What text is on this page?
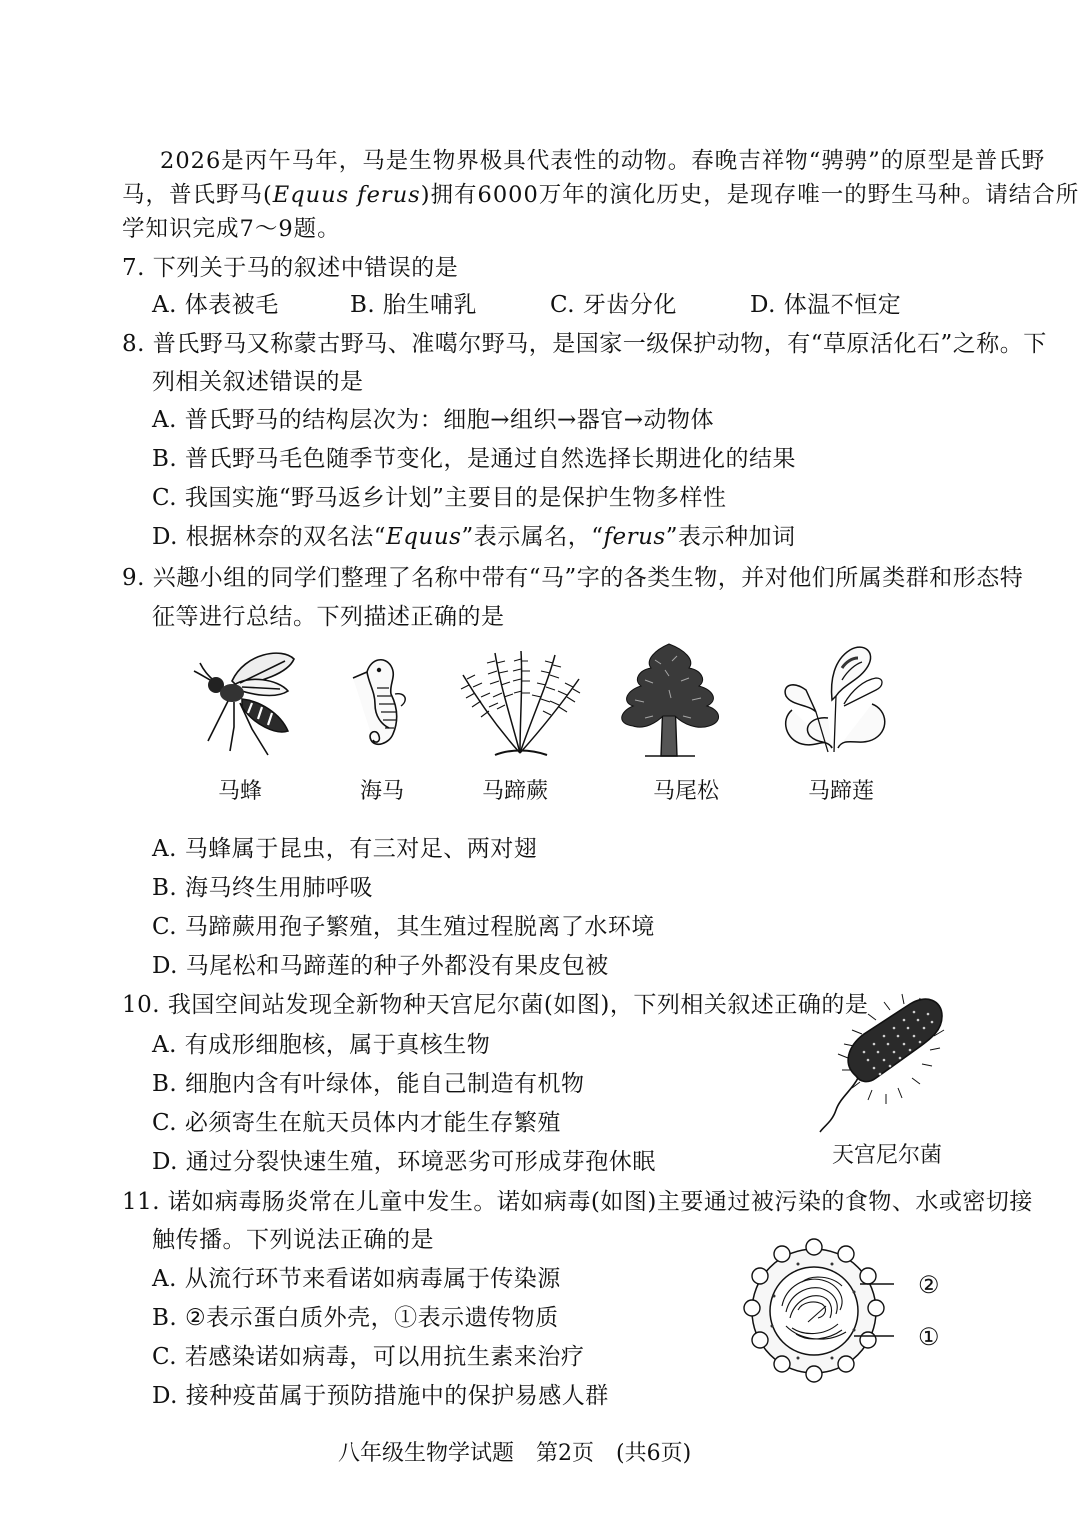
2026是丙午马年，马是生物界极具代表性的动物。春晚吉祥物“骋骋”的原型是普氏野
马，普氏野马(Equus ferus)拥有6000万年的演化历史，是现存唯一的野生马种。请结合所
学知识完成7～9题。
7. 下列关于马的叙述中错误的是
A. 体表被毛	B. 胎生哺乳	C. 牙齿分化	D. 体温不恒定
8. 普氏野马又称蒙古野马、准噶尔野马，是国家一级保护动物，有“草原活化石”之称。下
列相关叙述错误的是
A. 普氏野马的结构层次为：细胞→组织→器官→动物体
B. 普氏野马毛色随季节变化，是通过自然选择长期进化的结果
C. 我国实施“野马返乡计划”主要目的是保护生物多样性
D. 根据林奈的双名法“Equus”表示属名，“ferus”表示种加词
9. 兴趣小组的同学们整理了名称中带有“马”字的各类生物，并对他们所属类群和形态特
征等进行总结。下列描述正确的是
马蜂	海马	马蹄蕨	马尾松	马蹄莲
A. 马蜂属于昆虫，有三对足、两对翅
B. 海马终生用肺呼吸
C. 马蹄蕨用孢子繁殖，其生殖过程脱离了水环境
D. 马尾松和马蹄莲的种子外都没有果皮包被
10. 我国空间站发现全新物种天宫尼尔菌(如图)，下列相关叙述正确的是
A. 有成形细胞核，属于真核生物
B. 细胞内含有叶绿体，能自己制造有机物
C. 必须寄生在航天员体内才能生存繁殖
D. 通过分裂快速生殖，环境恶劣可形成芽孢休眠	天宫尼尔菌
11. 诺如病毒肠炎常在儿童中发生。诺如病毒(如图)主要通过被污染的食物、水或密切接
触传播。下列说法正确的是
A. 从流行环节来看诺如病毒属于传染源
B. ②表示蛋白质外壳，①表示遗传物质
C. 若感染诺如病毒，可以用抗生素来治疗
D. 接种疫苗属于预防措施中的保护易感人群
②
①
八年级生物学试题　第2页　(共6页)
